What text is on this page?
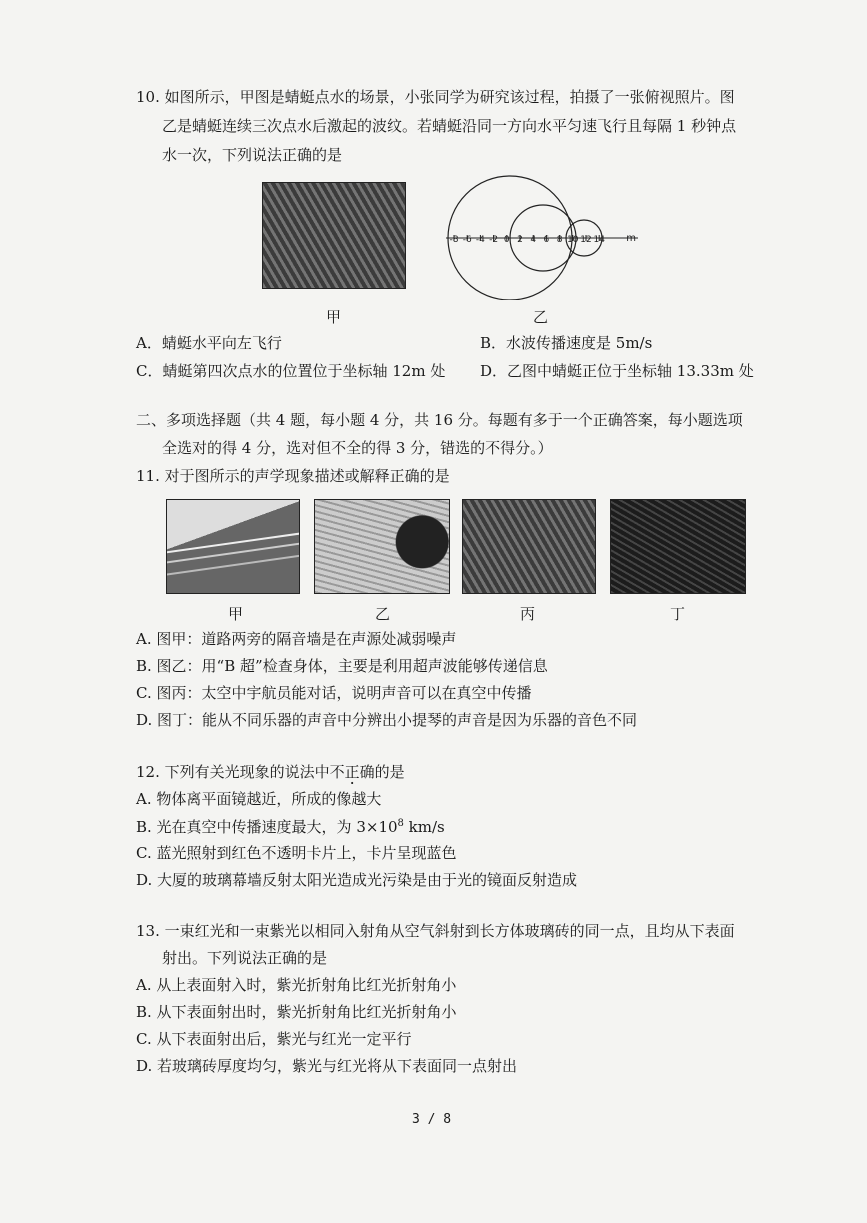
10. 如图所示，甲图是蜻蜓点水的场景，小张同学为研究该过程，拍摄了一张俯视照片。图
乙是蜻蜓连续三次点水后激起的波纹。若蜻蜓沿同一方向水平匀速飞行且每隔 1 秒钟点
水一次，下列说法正确的是
甲
-8 -6 -4 -2 0 2 4 6 8 10 12 14 m
乙
A．蜻蜓水平向左飞行	B．水波传播速度是 5m/s
C．蜻蜓第四次点水的位置位于坐标轴 12m 处 D．乙图中蜻蜓正位于坐标轴 13.33m 处
二、多项选择题（共 4 题，每小题 4 分，共 16 分。每题有多于一个正确答案，每小题选项
全选对的得 4 分，选对但不全的得 3 分，错选的不得分。）
11. 对于图所示的声学现象描述或解释正确的是
甲	乙	丙	丁
A. 图甲：道路两旁的隔音墙是在声源处减弱噪声
B. 图乙：用“B 超”检查身体，主要是利用超声波能够传递信息
C. 图丙：太空中宇航员能对话，说明声音可以在真空中传播
D. 图丁：能从不同乐器的声音中分辨出小提琴的声音是因为乐器的音色不同
12. 下列有关光现象的说法中不正确的是
A. 物体离平面镜越近，所成的像越大
B. 光在真空中传播速度最大，为 $3\times 10^8$ km/s
C. 蓝光照射到红色不透明卡片上，卡片呈现蓝色
D. 大厦的玻璃幕墙反射太阳光造成光污染是由于光的镜面反射造成
13. 一束红光和一束紫光以相同入射角从空气斜射到长方体玻璃砖的同一点，且均从下表面
射出。下列说法正确的是
A. 从上表面射入时，紫光折射角比红光折射角小
B. 从下表面射出时，紫光折射角比红光折射角小
C. 从下表面射出后，紫光与红光一定平行
D. 若玻璃砖厚度均匀，紫光与红光将从下表面同一点射出
3 / 8
